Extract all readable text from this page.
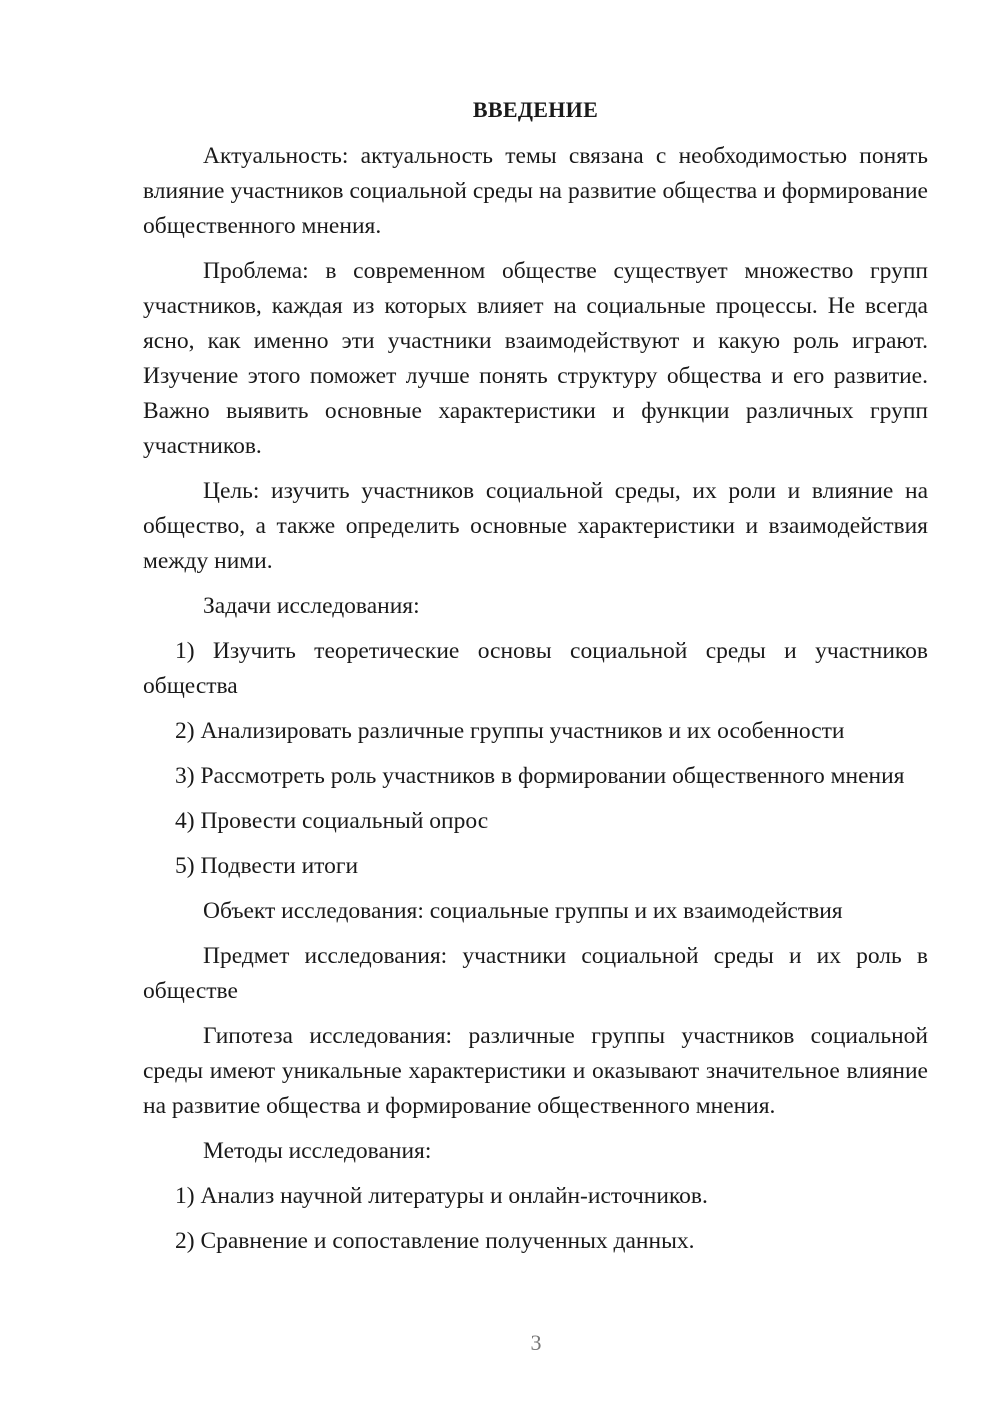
ВВЕДЕНИЕ

Актуальность: актуальность темы связана с необходимостью понять влияние участников социальной среды на развитие общества и формирование общественного мнения.

Проблема: в современном обществе существует множество групп участников, каждая из которых влияет на социальные процессы. Не всегда ясно, как именно эти участники взаимодействуют и какую роль играют. Изучение этого поможет лучше понять структуру общества и его развитие. Важно выявить основные характеристики и функции различных групп участников.

Цель: изучить участников социальной среды, их роли и влияние на общество, а также определить основные характеристики и взаимодействия между ними.

Задачи исследования:

1) Изучить теоретические основы социальной среды и участников общества

2) Анализировать различные группы участников и их особенности

3) Рассмотреть роль участников в формировании общественного мнения

4) Провести социальный опрос

5) Подвести итоги

Объект исследования: социальные группы и их взаимодействия

Предмет исследования: участники социальной среды и их роль в обществе

Гипотеза исследования: различные группы участников социальной среды имеют уникальные характеристики и оказывают значительное влияние на развитие общества и формирование общественного мнения.

Методы исследования:

1) Анализ научной литературы и онлайн-источников.

2) Сравнение и сопоставление полученных данных.

3
